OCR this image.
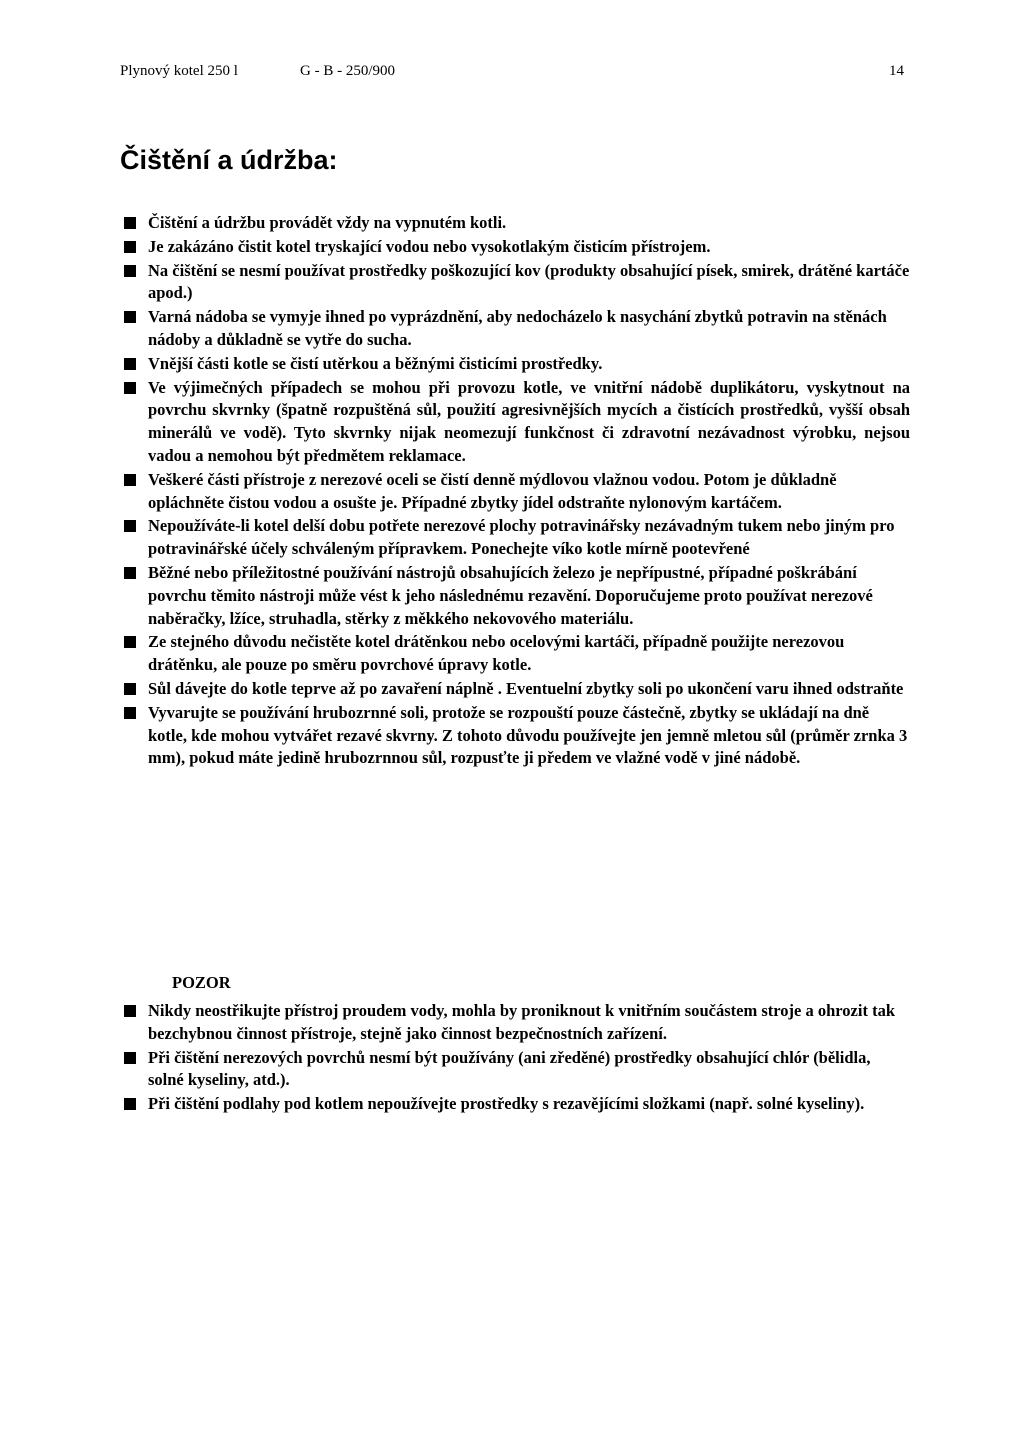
Plynový kotel 250 l	G - B - 250/900	14
Čištění a údržba:
Čištění a údržbu provádět vždy na vypnutém kotli.
Je zakázáno čistit kotel tryskající vodou nebo vysokotlakým čisticím přístrojem.
Na čištění se nesmí používat prostředky poškozující kov (produkty obsahující písek, smirek, drátěné kartáče apod.)
Varná nádoba se vymyje ihned po vyprázdnění, aby nedocházelo k nasychání zbytků potravin na stěnách nádoby a důkladně se vytře do sucha.
Vnější části kotle se čistí utěrkou a běžnými čisticími prostředky.
Ve výjimečných případech se mohou při provozu kotle, ve vnitřní nádobě duplikátoru, vyskytnout na povrchu skvrnky (špatně rozpuštěná sůl, použití agresivnějších mycích a čistících prostředků, vyšší obsah minerálů ve vodě). Tyto skvrnky nijak neomezují funkčnost či zdravotní nezávadnost výrobku, nejsou vadou a nemohou být předmětem reklamace.
Veškeré části přístroje z nerezové oceli se čistí denně mýdlovou vlažnou vodou. Potom je důkladně opláchněte čistou vodou a osušte je. Případné zbytky jídel odstraňte nylonovým kartáčem.
Nepoužíváte-li kotel delší dobu potřete nerezové plochy potravinářsky nezávadným tukem nebo jiným pro potravinářské účely schváleným přípravkem. Ponechejte víko kotle mírně pootevřené
Běžné nebo příležitostné používání nástrojů obsahujících železo je nepřípustné, případné poškrábání povrchu těmito nástroji může vést k jeho následnému rezavění. Doporučujeme proto používat nerezové naběračky, lžíce, struhadla, stěrky z měkkého nekovového materiálu.
Ze stejného důvodu nečistěte kotel drátěnkou nebo ocelovými kartáči, případně použijte nerezovou drátěnku, ale pouze po směru povrchové úpravy kotle.
Sůl dávejte do kotle teprve až po zavaření náplně . Eventuelní zbytky soli po ukončení varu ihned odstraňte
Vyvarujte se používání hrubozrnné soli, protože se rozpouští pouze částečně, zbytky se ukládají na dně kotle, kde mohou vytvářet rezavé skvrny. Z tohoto důvodu používejte jen jemně mletou sůl (průměr zrnka 3 mm), pokud máte jedině hrubozrnnou sůl, rozpusťte ji předem ve vlažné vodě v jiné nádobě.
POZOR
Nikdy neostřikujte přístroj proudem vody, mohla by proniknout k vnitřním součástem stroje a ohrozit tak bezchybnou činnost přístroje, stejně jako činnost bezpečnostních zařízení.
Při čištění nerezových povrchů nesmí být používány (ani zředěné) prostředky obsahující chlór (bělidla, solné kyseliny, atd.).
Při čištění podlahy pod kotlem nepoužívejte prostředky s rezavějícími složkami (např. solné kyseliny).
